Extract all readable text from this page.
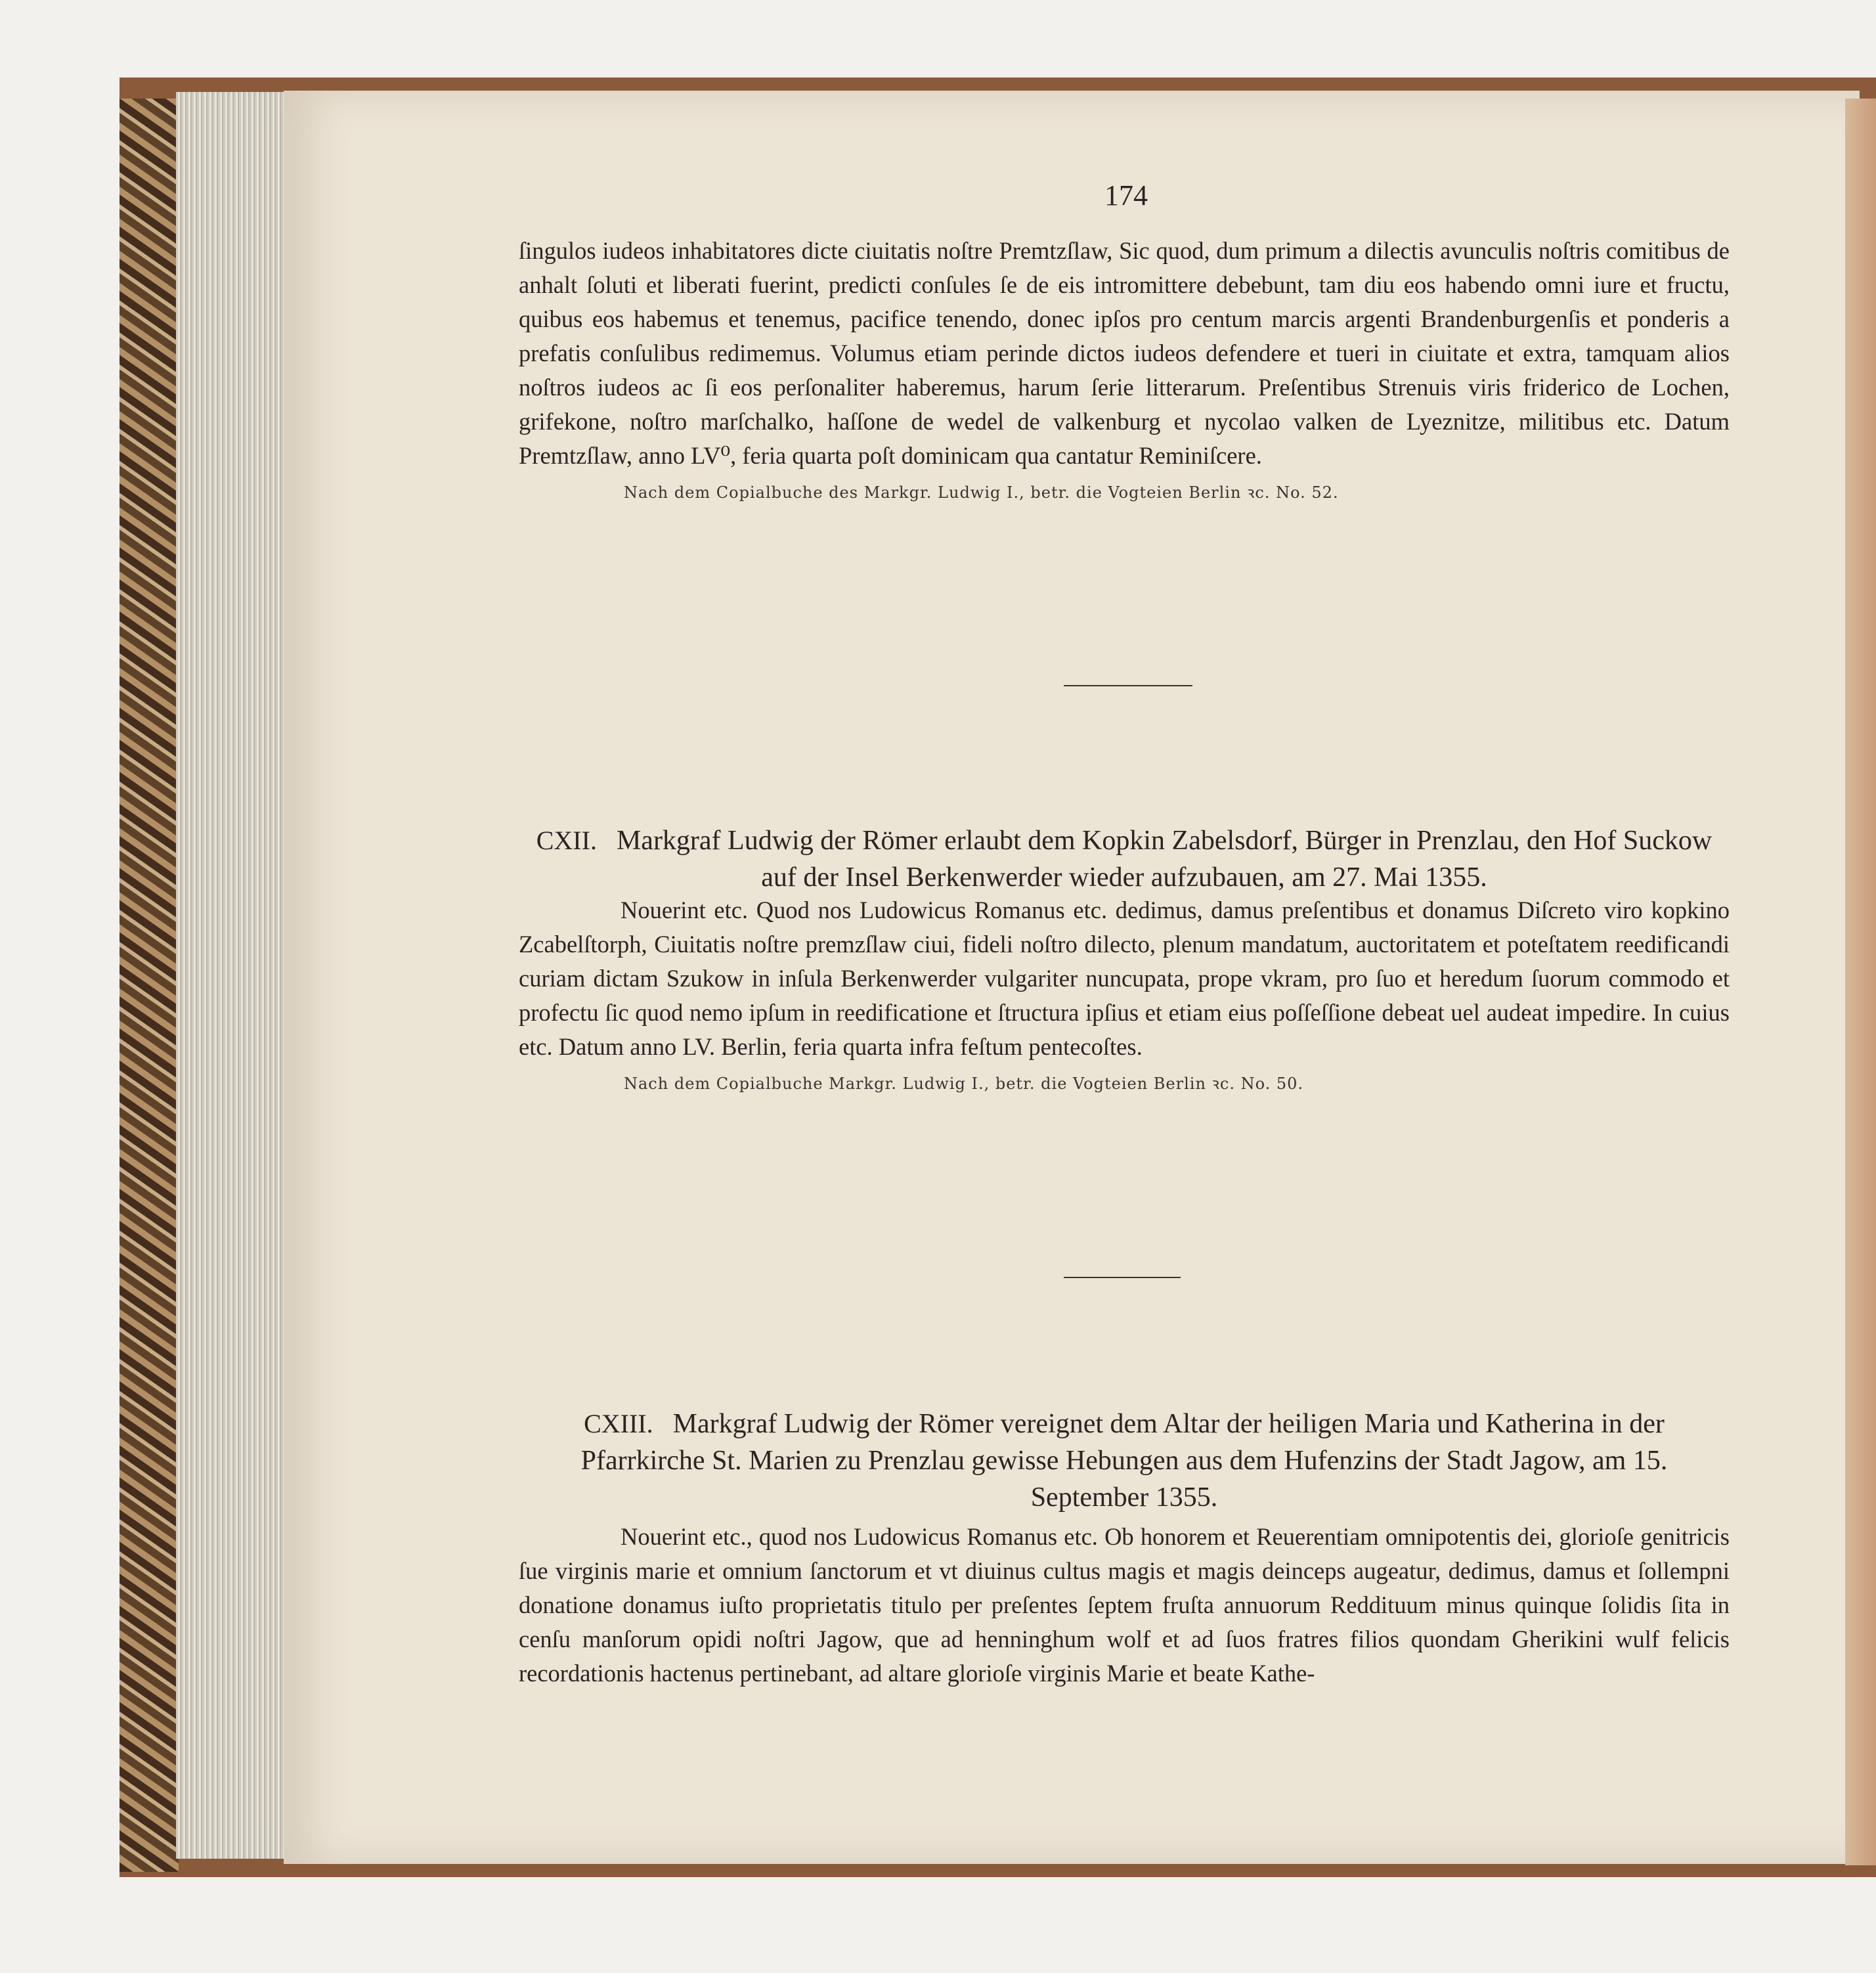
174

ſingulos iudeos inhabitatores dicte ciuitatis noſtre Premtzſlaw, Sic quod, dum primum a dilectis avunculis noſtris comitibus de anhalt ſoluti et liberati fuerint, predicti conſules ſe de eis intromittere debebunt, tam diu eos habendo omni iure et fructu, quibus eos habemus et tenemus, pacifice tenendo, donec ipſos pro centum marcis argenti Brandenburgenſis et ponderis a prefatis conſulibus redimemus. Volumus etiam perinde dictos iudeos defendere et tueri in ciuitate et extra, tamquam alios noſtros iudeos ac ſi eos perſonaliter haberemus, harum ſerie litterarum. Preſentibus Strenuis viris friderico de Lochen, grifekone, noſtro marſchalko, haſſone de wedel de valkenburg et nycolao valken de Lyeznitze, militibus etc. Datum Premtzſlaw, anno LV⁰, feria quarta poſt dominicam qua cantatur Reminiſcere.

Nach dem Copialbuche des Markgr. Ludwig I., betr. die Vogteien Berlin ꝛc. No. 52.

CXII. Markgraf Ludwig der Römer erlaubt dem Kopkin Zabelsdorf, Bürger in Prenzlau, den Hof Suckow auf der Insel Berkenwerder wieder aufzubauen, am 27. Mai 1355.

Nouerint etc. Quod nos Ludowicus Romanus etc. dedimus, damus preſentibus et donamus Diſcreto viro kopkino Zcabelſtorph, Ciuitatis noſtre premzſlaw ciui, fideli noſtro dilecto, plenum mandatum, auctoritatem et poteſtatem reedificandi curiam dictam Szukow in inſula Berkenwerder vulgariter nuncupata, prope vkram, pro ſuo et heredum ſuorum commodo et profectu ſic quod nemo ipſum in reedificatione et ſtructura ipſius et etiam eius poſſeſſione debeat uel audeat impedire. In cuius etc. Datum anno LV. Berlin, feria quarta infra feſtum pentecoſtes.

Nach dem Copialbuche Markgr. Ludwig I., betr. die Vogteien Berlin ꝛc. No. 50.

CXIII. Markgraf Ludwig der Römer vereignet dem Altar der heiligen Maria und Katherina in der Pfarrkirche St. Marien zu Prenzlau gewisse Hebungen aus dem Hufenzins der Stadt Jagow, am 15. September 1355.

Nouerint etc., quod nos Ludowicus Romanus etc. Ob honorem et Reuerentiam omnipotentis dei, glorioſe genitricis ſue virginis marie et omnium ſanctorum et vt diuinus cultus magis et magis deinceps augeatur, dedimus, damus et ſollempni donatione donamus iuſto proprietatis titulo per preſentes ſeptem fruſta annuorum Reddituum minus quinque ſolidis ſita in cenſu manſorum opidi noſtri Jagow, que ad henninghum wolf et ad ſuos fratres filios quondam Gherikini wulf felicis recordationis hactenus pertinebant, ad altare glorioſe virginis Marie et beate Kathe-
